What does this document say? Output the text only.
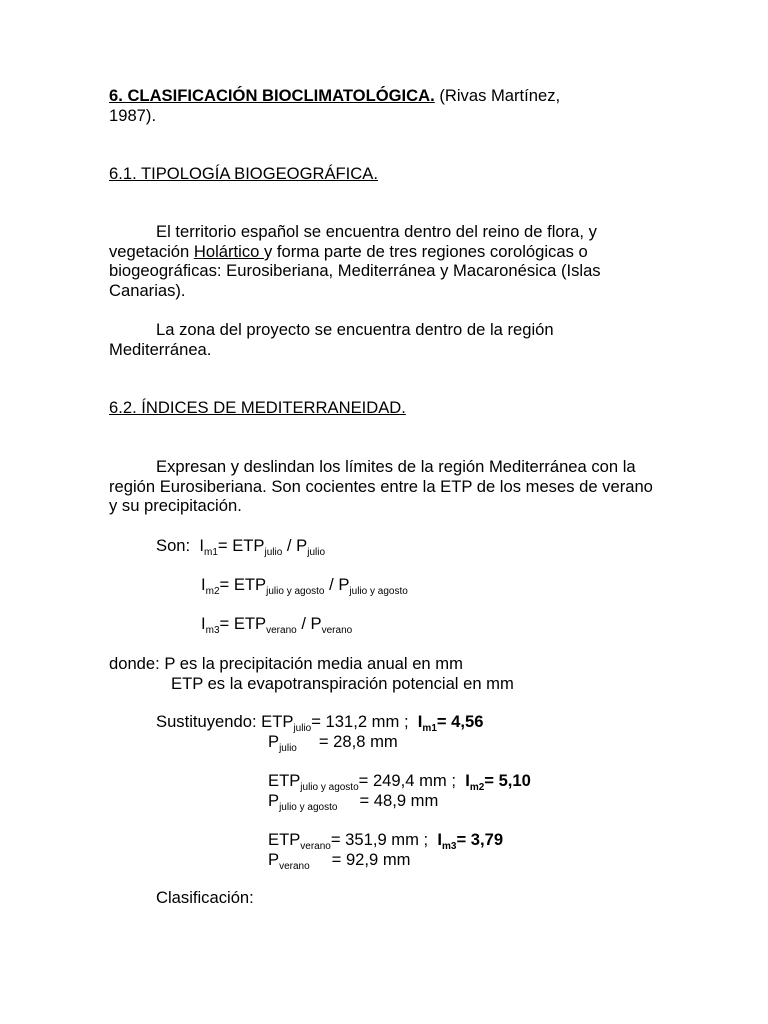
6. CLASIFICACIÓN BIOCLIMATOLÓGICA. (Rivas Martínez,
1987).

6.1. TIPOLOGÍA BIOGEOGRÁFICA.

El territorio español se encuentra dentro del reino de flora, y vegetación Holártico y forma parte de tres regiones corológicas o biogeográficas: Eurosiberiana, Mediterránea y Macaronésica (Islas Canarias).

La zona del proyecto se encuentra dentro de la región Mediterránea.

6.2. ÍNDICES DE MEDITERRANEIDAD.

Expresan y deslindan los límites de la región Mediterránea con la región Eurosiberiana. Son cocientes entre la ETP de los meses de verano y su precipitación.

Son: $I_{m1}= ETP_{julio} / P_{julio}$
$I_{m2}= ETP_{julio y agosto} / P_{julio y agosto}$
$I_{m3}= ETP_{verano} / P_{verano}$
donde: P es la precipitación media anual en mm
ETP es la evapotranspiración potencial en mm
Sustituyendo: $ETP_{julio}= 131,2$ mm ; $I_{m1}= 4,56$
$P_{julio} = 28,8$ mm
$ETP_{julio y agosto}= 249,4$ mm ; $I_{m2}= 5,10$
$P_{julio y agosto} = 48,9$ mm
$ETP_{verano}= 351,9$ mm ; $I_{m3}= 3,79$
$P_{verano} = 92,9$ mm
Clasificación:
